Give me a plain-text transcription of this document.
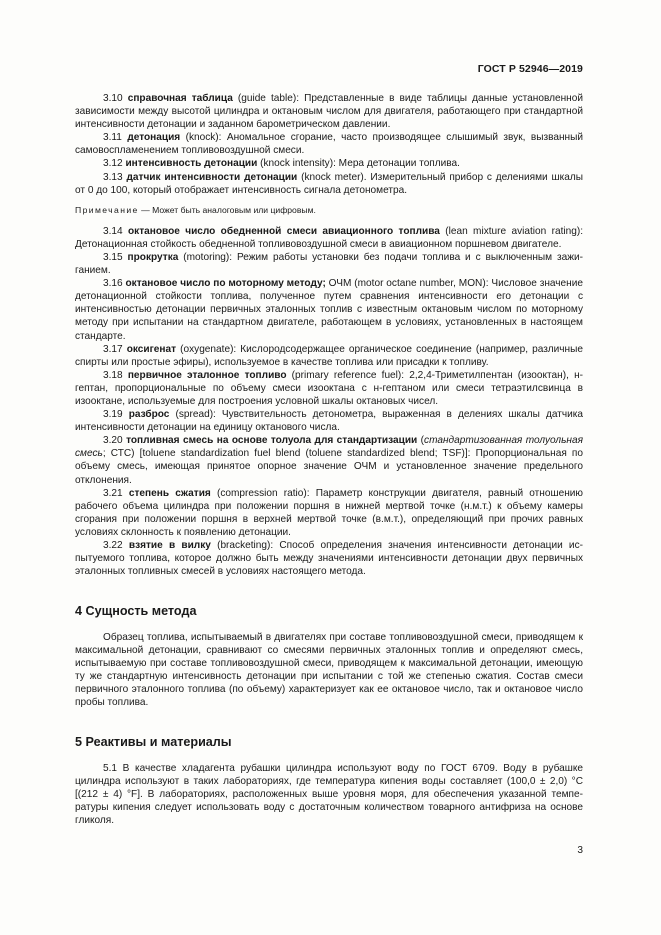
ГОСТ Р 52946—2019

3.10 справочная таблица (guide table): Представленные в виде таблицы данные установленной зависимости между высотой цилиндра и октановым числом для двигателя, работающего при стандартной интенсивности детонации и заданном барометрическом давлении.

3.11 детонация (knock): Аномальное сгорание, часто производящее слышимый звук, вызванный самовоспламенением топливовоздушной смеси.

3.12 интенсивность детонации (knock intensity): Мера детонации топлива.

3.13 датчик интенсивности детонации (knock meter). Измерительный прибор с делениями шкалы от 0 до 100, который отображает интенсивность сигнала детонометра.

Примечание — Может быть аналоговым или цифровым.

3.14 октановое число обедненной смеси авиационного топлива (lean mixture aviation rating): Детонационная стойкость обедненной топливовоздушной смеси в авиационном поршневом двигателе.

3.15 прокрутка (motoring): Режим работы установки без подачи топлива и с выключенным зажиганием.

3.16 октановое число по моторному методу; ОЧМ (motor octane number, MON): Числовое значение детонационной стойкости топлива, полученное путем сравнения интенсивности его детонации с интенсивностью детонации первичных эталонных топлив с известным октановым числом по моторному методу при испытании на стандартном двигателе, работающем в условиях, установленных в настоящем стандарте.

3.17 оксигенат (oxygenate): Кислородсодержащее органическое соединение (например, различные спирты или простые эфиры), используемое в качестве топлива или присадки к топливу.

3.18 первичное эталонное топливо (primary reference fuel): 2,2,4-Триметилпентан (изооктан), н-гептан, пропорциональные по объему смеси изооктана с н-гептаном или смеси тетраэтилсвинца в изооктане, используемые для построения условной шкалы октановых чисел.

3.19 разброс (spread): Чувствительность детонометра, выраженная в делениях шкалы датчика интенсивности детонации на единицу октанового числа.

3.20 топливная смесь на основе толуола для стандартизации (стандартизованная толуольная смесь; СТС) [toluene standardization fuel blend (toluene standardized blend; TSF)]: Пропорциональная по объему смесь, имеющая принятое опорное значение ОЧМ и установленное значение предельного отклонения.

3.21 степень сжатия (compression ratio): Параметр конструкции двигателя, равный отношению рабочего объема цилиндра при положении поршня в нижней мертвой точке (н.м.т.) к объему камеры сгорания при положении поршня в верхней мертвой точке (в.м.т.), определяющий при прочих равных условиях склонность к появлению детонации.

3.22 взятие в вилку (bracketing): Способ определения значения интенсивности детонации испытуемого топлива, которое должно быть между значениями интенсивности детонации двух первичных эталонных топливных смесей в условиях настоящего метода.

4 Сущность метода

Образец топлива, испытываемый в двигателях при составе топливовоздушной смеси, приводящем к максимальной детонации, сравнивают со смесями первичных эталонных топлив и определяют смесь, испытываемую при составе топливовоздушной смеси, приводящем к максимальной детонации, имеющую ту же стандартную интенсивность детонации при испытании с той же степенью сжатия. Состав смеси первичного эталонного топлива (по объему) характеризует как ее октановое число, так и октановое число пробы топлива.

5 Реактивы и материалы

5.1 В качестве хладагента рубашки цилиндра используют воду по ГОСТ 6709. Воду в рубашке цилиндра используют в таких лабораториях, где температура кипения воды составляет (100,0 ± 2,0) °С [(212 ± 4) °F]. В лабораториях, расположенных выше уровня моря, для обеспечения указанной температуры кипения следует использовать воду с достаточным количеством товарного антифриза на основе гликоля.

3
